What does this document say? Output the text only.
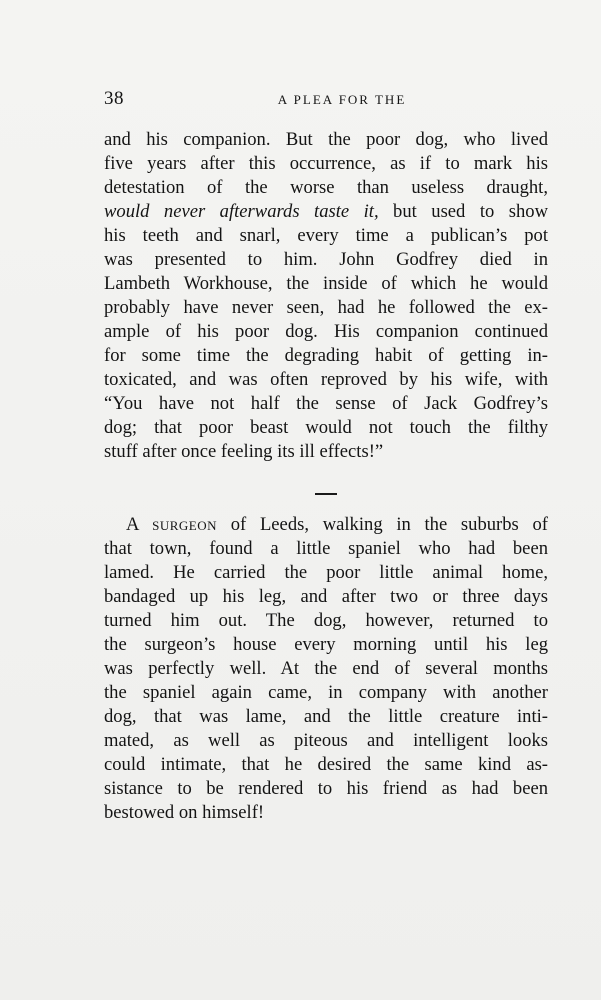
38	A PLEA FOR THE
and his companion. But the poor dog, who lived
five years after this occurrence, as if to mark his
detestation of the worse than useless draught,
would never afterwards taste it, but used to show
his teeth and snarl, every time a publican’s pot
was presented to him. John Godfrey died in
Lambeth Workhouse, the inside of which he would
probably have never seen, had he followed the ex-
ample of his poor dog. His companion continued
for some time the degrading habit of getting in-
toxicated, and was often reproved by his wife, with
“You have not half the sense of Jack Godfrey’s
dog; that poor beast would not touch the filthy
stuff after once feeling its ill effects!”
A SURGEON of Leeds, walking in the suburbs of
that town, found a little spaniel who had been
lamed. He carried the poor little animal home,
bandaged up his leg, and after two or three days
turned him out. The dog, however, returned to
the surgeon’s house every morning until his leg
was perfectly well. At the end of several months
the spaniel again came, in company with another
dog, that was lame, and the little creature inti-
mated, as well as piteous and intelligent looks
could intimate, that he desired the same kind as-
sistance to be rendered to his friend as had been
bestowed on himself!
